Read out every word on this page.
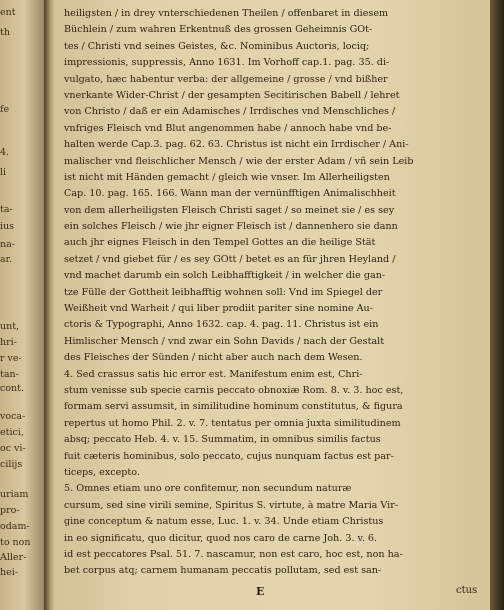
ent
th
fe
4.
li
ta-
ius
na-
ar.
unt,
hri-
r ve-
tan-
cont.
voca-
etici,
oc vi-
cilijs
uriam
pro-
odam-
to non
Aller-
hei-
heiligsten / in drey vnterschiedenen Theilen / offenbaret in diesem
Büchlein / zum wahren Erkentnuß des grossen Geheimnis GOt-
tes / Christi vnd seines Geistes, &c. Nominibus Auctoris, lociq;
impressionis, suppressis, Anno 1631. Im Vorhoff cap.1. pag. 35. di-
vulgato, hæc habentur verba: der allgemeine / grosse / vnd bißher
vnerkante Wider-Christ / der gesampten Secitirischen Babell / lehret
von Christo / daß er ein Adamisches / Irrdisches vnd Menschliches /
vnfriges Fleisch vnd Blut angenommen habe / annoch habe vnd be-
halten werde Cap.3. pag. 62. 63. Christus ist nicht ein Irrdischer / Ani-
malischer vnd fleischlicher Mensch / wie der erster Adam / vñ sein Leib
ist nicht mit Händen gemacht / gleich wie vnser. Im Allerheiligsten
Cap. 10. pag. 165. 166. Wann man der vernünfftigen Animalischheit
von dem allerheiligsten Fleisch Christi saget / so meinet sie / es sey
ein solches Fleisch / wie jhr eigner Fleisch ist / dannenhero sie dann
auch jhr eignes Fleisch in den Tempel Gottes an die heilige Stät
setzet / vnd giebet für / es sey GOtt / betet es an für jhren Heyland /
vnd machet darumb ein solch Leibhafftigkeit / in welcher die gan-
tze Fülle der Gottheit leibhafftig wohnen soll: Vnd im Spiegel der
Weißheit vnd Warheit / qui liber prodiit pariter sine nomine Au-
ctoris & Typographi, Anno 1632. cap. 4. pag. 11. Christus ist ein
Himlischer Mensch / vnd zwar ein Sohn Davids / nach der Gestalt
des Fleisches der Sünden / nicht aber auch nach dem Wesen.
4. Sed crassus satis hic error est. Manifestum enim est, Chri-
stum venisse sub specie carnis peccato obnoxiæ Rom. 8. v. 3. hoc est,
formam servi assumsit, in similitudine hominum constitutus, & figura
repertus ut homo Phil. 2. v. 7. tentatus per omnia juxta similitudinem
absq; peccato Heb. 4. v. 15. Summatim, in omnibus similis factus
fuit cæteris hominibus, solo peccato, cujus nunquam factus est par-
ticeps, excepto.
5. Omnes etiam uno ore confitemur, non secundum naturæ
cursum, sed sine virili semine, Spiritus S. virtute, à matre Maria Vir-
gine conceptum & natum esse, Luc. 1. v. 34. Unde etiam Christus
in eo significatu, quo dicitur, quod nos caro de carne Joh. 3. v. 6.
id est peccatores Psal. 51. 7. nascamur, non est caro, hoc est, non ha-
bet corpus atq; carnem humanam peccatis pollutam, sed est san-
E	ctus
